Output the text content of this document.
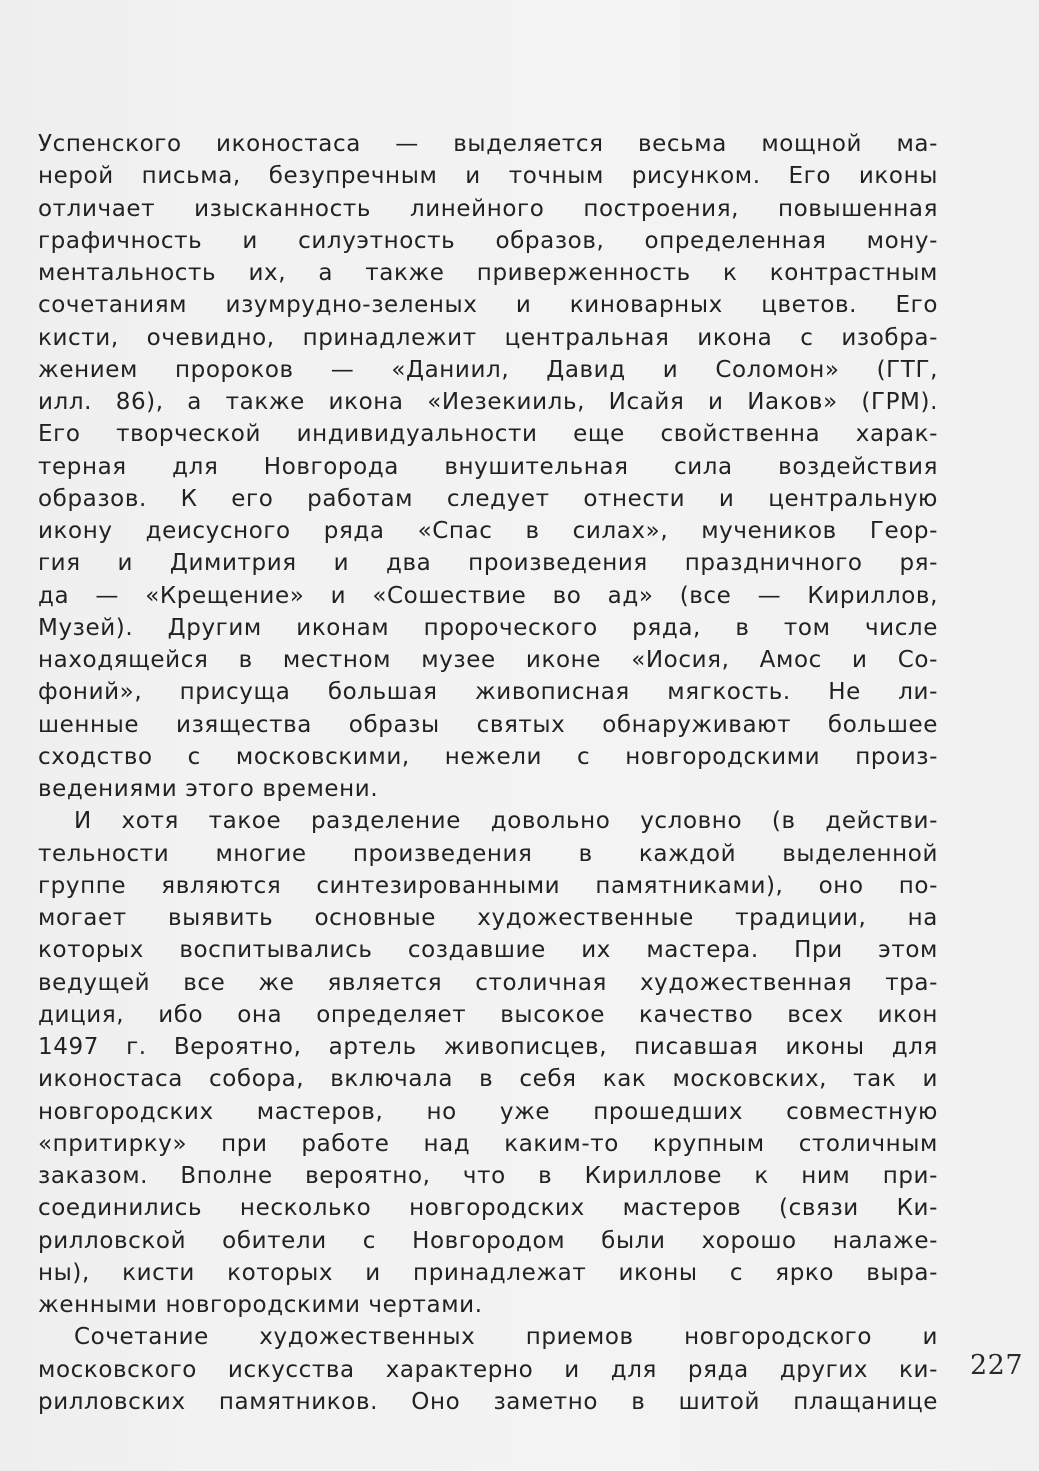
Успенского иконостаса — выделяется весьма мощной ма-
нерой письма, безупречным и точным рисунком. Его иконы
отличает изысканность линейного построения, повышенная
графичность и силуэтность образов, определенная мону-
ментальность их, а также приверженность к контрастным
сочетаниям изумрудно-зеленых и киноварных цветов. Его
кисти, очевидно, принадлежит центральная икона с изобра-
жением пророков — «Даниил, Давид и Соломон» (ГТГ,
илл. 86), а также икона «Иезекииль, Исайя и Иаков» (ГРМ).
Его творческой индивидуальности еще свойственна харак-
терная для Новгорода внушительная сила воздействия
образов. К его работам следует отнести и центральную
икону деисусного ряда «Спас в силах», мучеников Геор-
гия и Димитрия и два произведения праздничного ря-
да — «Крещение» и «Сошествие во ад» (все — Кириллов,
Музей). Другим иконам пророческого ряда, в том числе
находящейся в местном музее иконе «Иосия, Амос и Со-
фоний», присуща большая живописная мягкость. Не ли-
шенные изящества образы святых обнаруживают большее
сходство с московскими, нежели с новгородскими произ-
ведениями этого времени.
И хотя такое разделение довольно условно (в действи-
тельности многие произведения в каждой выделенной
группе являются синтезированными памятниками), оно по-
могает выявить основные художественные традиции, на
которых воспитывались создавшие их мастера. При этом
ведущей все же является столичная художественная тра-
диция, ибо она определяет высокое качество всех икон
1497 г. Вероятно, артель живописцев, писавшая иконы для
иконостаса собора, включала в себя как московских, так и
новгородских мастеров, но уже прошедших совместную
«притирку» при работе над каким-то крупным столичным
заказом. Вполне вероятно, что в Кириллове к ним при-
соединились несколько новгородских мастеров (связи Ки-
рилловской обители с Новгородом были хорошо налаже-
ны), кисти которых и принадлежат иконы с ярко выра-
женными новгородскими чертами.
Сочетание художественных приемов новгородского и
московского искусства характерно и для ряда других ки-
рилловских памятников. Оно заметно в шитой плащанице
227
